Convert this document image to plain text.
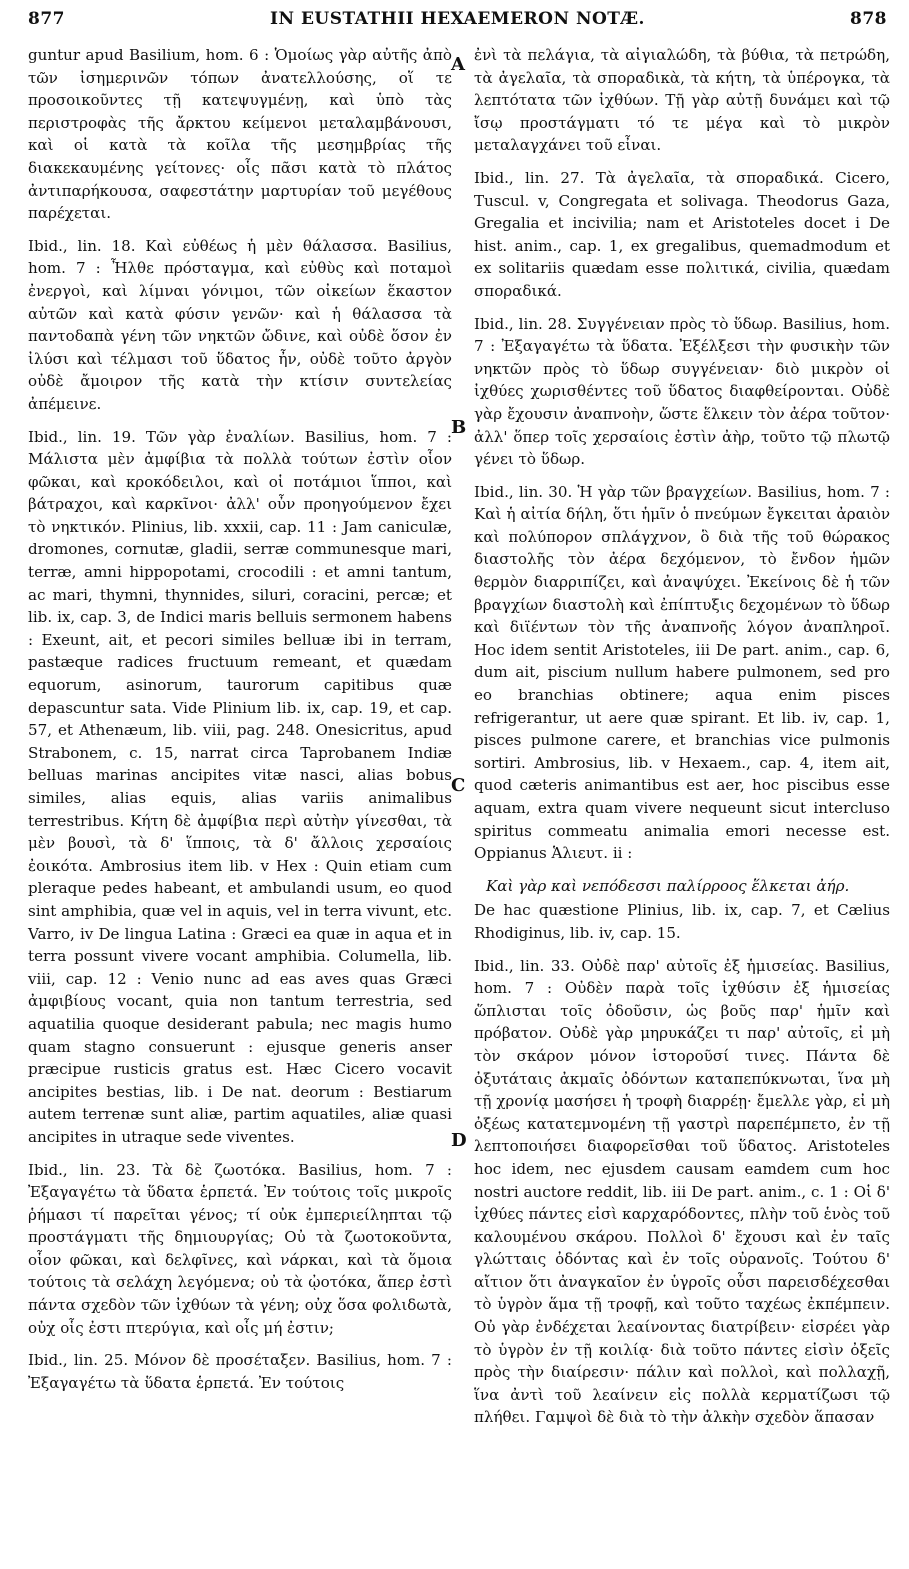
877	IN EUSTATHII HEXAEMERON NOTÆ.	878

guntur apud Basilium, hom. 6 : Ὁμοίως γὰρ αὐτῆς ἀπὸ τῶν ἰσημερινῶν τόπων ἀνατελλούσης, οἵ τε προσοικοῦντες τῇ κατεψυγμένῃ, καὶ ὑπὸ τὰς περιστροφὰς τῆς ἄρκτου κείμενοι μεταλαμβάνουσι, καὶ οἱ κατὰ τὰ κοῖλα τῆς μεσημβρίας τῆς διακεκαυμένης γείτονες· οἷς πᾶσι κατὰ τὸ πλάτος ἀντιπαρήκουσα, σαφεστάτην μαρτυρίαν τοῦ μεγέθους παρέχεται.

Ibid., lin. 18. Καὶ εὐθέως ἡ μὲν θάλασσα. Basilius, hom. 7 : Ἦλθε πρόσταγμα, καὶ εὐθὺς καὶ ποταμοὶ ἐνεργοὶ, καὶ λίμναι γόνιμοι, τῶν οἰκείων ἕκαστον αὐτῶν καὶ κατὰ φύσιν γενῶν· καὶ ἡ θάλασσα τὰ παντοδαπὰ γένη τῶν νηκτῶν ὤδινε, καὶ οὐδὲ ὅσον ἐν ἰλύσι καὶ τέλμασι τοῦ ὕδατος ἦν, οὐδὲ τοῦτο ἀργὸν οὐδὲ ἄμοιρον τῆς κατὰ τὴν κτίσιν συντελείας ἀπέμεινε.

Ibid., lin. 19. Τῶν γὰρ ἐναλίων. Basilius, hom. 7 : Μάλιστα μὲν ἀμφίβια τὰ πολλὰ τούτων ἐστὶν οἷον φῶκαι, καὶ κροκόδειλοι, καὶ οἱ ποτάμιοι ἵπποι, καὶ βάτραχοι, καὶ καρκῖνοι· ἀλλ' οὖν προηγούμενον ἔχει τὸ νηκτικόν. Plinius, lib. xxxii, cap. 11 : Jam caniculæ, dromones, cornutæ, gladii, serræ communesque mari, terræ, amni hippopotami, crocodili : et amni tantum, ac mari, thymni, thynnides, siluri, coracini, percæ; et lib. ix, cap. 3, de Indici maris belluis sermonem habens : Exeunt, ait, et pecori similes belluæ ibi in terram, pastæque radices fructuum remeant, et quædam equorum, asinorum, taurorum capitibus quæ depascuntur sata. Vide Plinium lib. ix, cap. 19, et cap. 57, et Athenæum, lib. viii, pag. 248. Onesicritus, apud Strabonem, c. 15, narrat circa Taprobanem Indiæ belluas marinas ancipites vitæ nasci, alias bobus similes, alias equis, alias variis animalibus terrestribus. Κήτη δὲ ἀμφίβια περὶ αὐτὴν γίνεσθαι, τὰ μὲν βουσὶ, τὰ δ' ἵπποις, τὰ δ' ἄλλοις χερσαίοις ἐοικότα. Ambrosius item lib. v Hex : Quin etiam cum pleraque pedes habeant, et ambulandi usum, eo quod sint amphibia, quæ vel in aquis, vel in terra vivunt, etc. Varro, iv De lingua Latina : Græci ea quæ in aqua et in terra possunt vivere vocant amphibia. Columella, lib. viii, cap. 12 : Venio nunc ad eas aves quas Græci ἀμφιβίους vocant, quia non tantum terrestria, sed aquatilia quoque desiderant pabula; nec magis humo quam stagno consuerunt : ejusque generis anser præcipue rusticis gratus est. Hæc Cicero vocavit ancipites bestias, lib. i De nat. deorum : Bestiarum autem terrenæ sunt aliæ, partim aquatiles, aliæ quasi ancipites in utraque sede viventes.

Ibid., lin. 23. Τὰ δὲ ζωοτόκα. Basilius, hom. 7 : Ἐξαγαγέτω τὰ ὕδατα ἑρπετά. Ἐν τούτοις τοῖς μικροῖς ῥήμασι τί παρεῖται γένος; τί οὐκ ἐμπεριείληπται τῷ προστάγματι τῆς δημιουργίας; Οὐ τὰ ζωοτοκοῦντα, οἷον φῶκαι, καὶ δελφῖνες, καὶ νάρκαι, καὶ τὰ ὅμοια τούτοις τὰ σελάχη λεγόμενα; οὐ τὰ ᾠοτόκα, ἅπερ ἐστὶ πάντα σχεδὸν τῶν ἰχθύων τὰ γένη; οὐχ ὅσα φολιδωτὰ, οὐχ οἷς ἐστι πτερύγια, καὶ οἷς μή ἐστιν;

Ibid., lin. 25. Μόνον δὲ προσέταξεν. Basilius, hom. 7 : Ἐξαγαγέτω τὰ ὕδατα ἑρπετά. Ἐν τούτοις

ἐνὶ τὰ πελάγια, τὰ αἰγιαλώδη, τὰ βύθια, τὰ πετρώδη, τὰ ἀγελαῖα, τὰ σποραδικὰ, τὰ κήτη, τὰ ὑπέρογκα, τὰ λεπτότατα τῶν ἰχθύων. Τῇ γὰρ αὐτῇ δυνάμει καὶ τῷ ἴσῳ προστάγματι τό τε μέγα καὶ τὸ μικρὸν μεταλαγχάνει τοῦ εἶναι.

Ibid., lin. 27. Τὰ ἀγελαῖα, τὰ σποραδικά. Cicero, Tuscul. v, Congregata et solivaga. Theodorus Gaza, Gregalia et incivilia; nam et Aristoteles docet i De hist. anim., cap. 1, ex gregalibus, quemadmodum et ex solitariis quædam esse πολιτικά, civilia, quædam σποραδικά.

Ibid., lin. 28. Συγγένειαν πρὸς τὸ ὕδωρ. Basilius, hom. 7 : Ἐξαγαγέτω τὰ ὕδατα. Ἐξέλξεσι τὴν φυσικὴν τῶν νηκτῶν πρὸς τὸ ὕδωρ συγγένειαν· διὸ μικρὸν οἱ ἰχθύες χωρισθέντες τοῦ ὕδατος διαφθείρονται. Οὐδὲ γὰρ ἔχουσιν ἀναπνοὴν, ὥστε ἕλκειν τὸν ἀέρα τοῦτον· ἀλλ' ὅπερ τοῖς χερσαίοις ἐστὶν ἀὴρ, τοῦτο τῷ πλωτῷ γένει τὸ ὕδωρ.

Ibid., lin. 30. Ἡ γὰρ τῶν βραγχείων. Basilius, hom. 7 : Καὶ ἡ αἰτία δήλη, ὅτι ἡμῖν ὁ πνεύμων ἔγκειται ἀραιὸν καὶ πολύπορον σπλάγχνον, ὃ διὰ τῆς τοῦ θώρακος διαστολῆς τὸν ἀέρα δεχόμενον, τὸ ἔνδον ἡμῶν θερμὸν διαρριπίζει, καὶ ἀναψύχει. Ἐκείνοις δὲ ἡ τῶν βραγχίων διαστολὴ καὶ ἐπίπτυξις δεχομένων τὸ ὕδωρ καὶ διϊέντων τὸν τῆς ἀναπνοῆς λόγον ἀναπληροῖ. Hoc idem sentit Aristoteles, iii De part. anim., cap. 6, dum ait, piscium nullum habere pulmonem, sed pro eo branchias obtinere; aqua enim pisces refrigerantur, ut aere quæ spirant. Et lib. iv, cap. 1, pisces pulmone carere, et branchias vice pulmonis sortiri. Ambrosius, lib. v Hexaem., cap. 4, item ait, quod cæteris animantibus est aer, hoc piscibus esse aquam, extra quam vivere nequeunt sicut intercluso spiritus commeatu animalia emori necesse est. Oppianus Ἁλιευτ. ii :

Καὶ γὰρ καὶ νεπόδεσσι παλίρροος ἕλκεται ἀήρ.

De hac quæstione Plinius, lib. ix, cap. 7, et Cælius Rhodiginus, lib. iv, cap. 15.

Ibid., lin. 33. Οὐδὲ παρ' αὐτοῖς ἐξ ἡμισείας. Basilius, hom. 7 : Οὐδὲν παρὰ τοῖς ἰχθύσιν ἐξ ἡμισείας ὥπλισται τοῖς ὀδοῦσιν, ὡς βοῦς παρ' ἡμῖν καὶ πρόβατον. Οὐδὲ γὰρ μηρυκάζει τι παρ' αὐτοῖς, εἰ μὴ τὸν σκάρον μόνον ἱστοροῦσί τινες. Πάντα δὲ ὀξυτάταις ἀκμαῖς ὀδόντων καταπεπύκνωται, ἵνα μὴ τῇ χρονίᾳ μασήσει ἡ τροφὴ διαρρέῃ· ἔμελλε γὰρ, εἰ μὴ ὀξέως κατατεμνομένη τῇ γαστρὶ παρεπέμπετο, ἐν τῇ λεπτοποιήσει διαφορεῖσθαι τοῦ ὕδατος. Aristoteles hoc idem, nec ejusdem causam eamdem cum hoc nostri auctore reddit, lib. iii De part. anim., c. 1 : Οἱ δ' ἰχθύες πάντες εἰσὶ καρχαρόδοντες, πλὴν τοῦ ἑνὸς τοῦ καλουμένου σκάρου. Πολλοὶ δ' ἔχουσι καὶ ἐν ταῖς γλώτταις ὀδόντας καὶ ἐν τοῖς οὐρανοῖς. Τούτου δ' αἴτιον ὅτι ἀναγκαῖον ἐν ὑγροῖς οὖσι παρεισδέχεσθαι τὸ ὑγρὸν ἅμα τῇ τροφῇ, καὶ τοῦτο ταχέως ἐκπέμπειν. Οὐ γὰρ ἐνδέχεται λεαίνοντας διατρίβειν· εἰσρέει γὰρ τὸ ὑγρὸν ἐν τῇ κοιλίᾳ· διὰ τοῦτο πάντες εἰσὶν ὀξεῖς πρὸς τὴν διαίρεσιν· πάλιν καὶ πολλοὶ, καὶ πολλαχῇ, ἵνα ἀντὶ τοῦ λεαίνειν εἰς πολλὰ κερματίζωσι τῷ πλήθει. Γαμψοὶ δὲ διὰ τὸ τὴν ἀλκὴν σχεδὸν ἅπασαν

A
B
C
D
